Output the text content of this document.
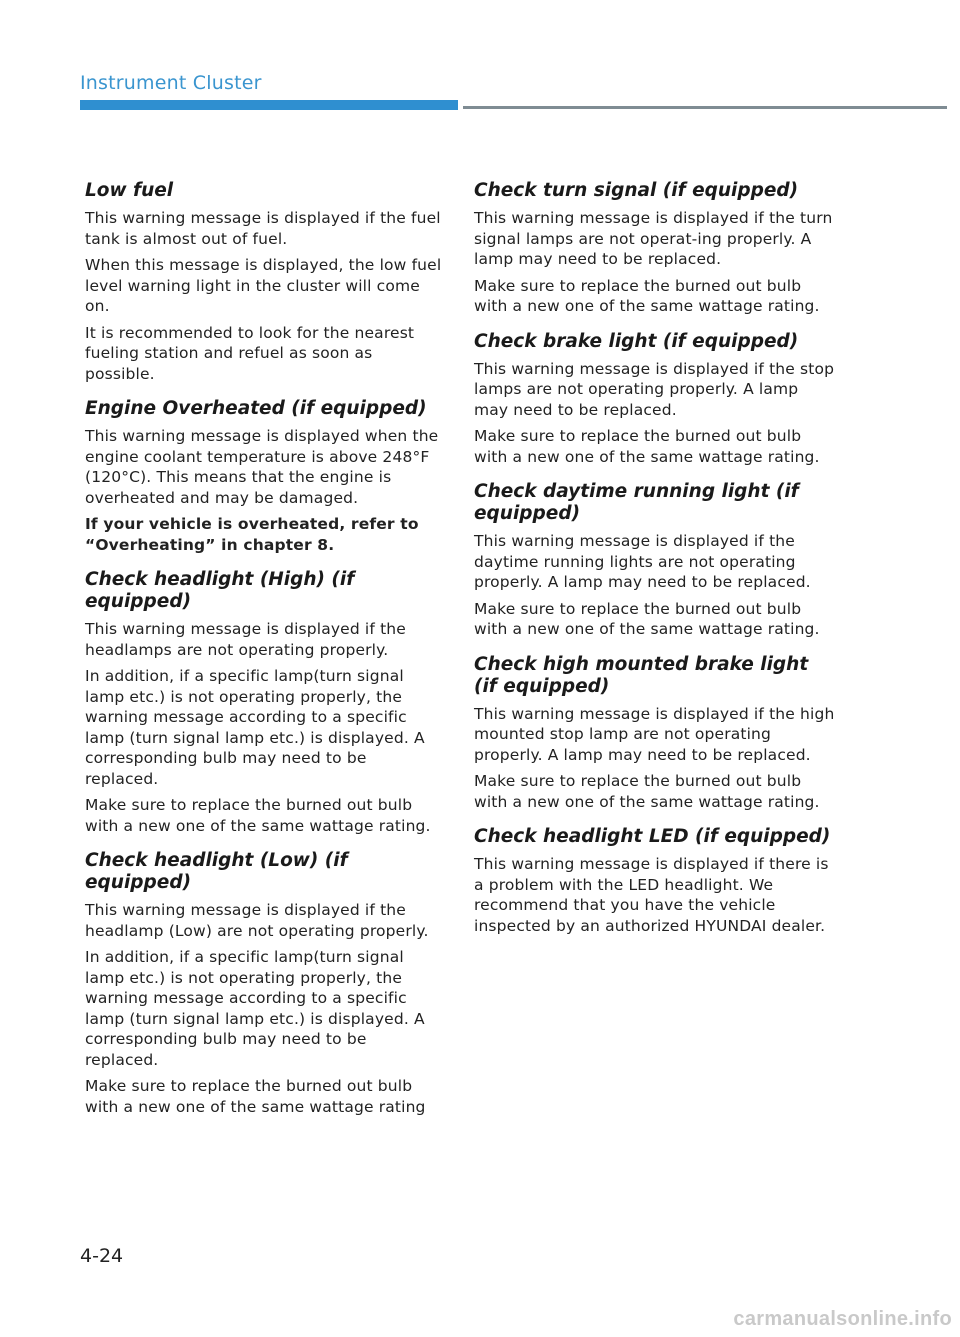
Instrument Cluster
Low fuel

This warning message is displayed if the fuel tank is almost out of fuel.

When this message is displayed, the low fuel level warning light in the cluster will come on.

It is recommended to look for the nearest fueling station and refuel as soon as possible.

Engine Overheated (if equipped)

This warning message is displayed when the engine coolant temperature is above 248°F (120°C). This means that the engine is overheated and may be damaged.

If your vehicle is overheated, refer to “Overheating” in chapter 8.

Check headlight (High) (if equipped)

This warning message is displayed if the headlamps are not operating properly.

In addition, if a specific lamp(turn signal lamp etc.) is not operating properly, the warning message according to a specific lamp (turn signal lamp etc.) is displayed. A corresponding bulb may need to be replaced.

Make sure to replace the burned out bulb with a new one of the same wattage rating.

Check headlight (Low) (if equipped)

This warning message is displayed if the headlamp (Low) are not operating properly.

In addition, if a specific lamp(turn signal lamp etc.) is not operating properly, the warning message according to a specific lamp (turn signal lamp etc.) is displayed. A corresponding bulb may need to be replaced.

Make sure to replace the burned out bulb with a new one of the same wattage rating

Check turn signal (if equipped)

This warning message is displayed if the turn signal lamps are not operat-ing properly. A lamp may need to be replaced.

Make sure to replace the burned out bulb with a new one of the same wattage rating.

Check brake light (if equipped)

This warning message is displayed if the stop lamps are not operating properly. A lamp may need to be replaced.

Make sure to replace the burned out bulb with a new one of the same wattage rating.

Check daytime running light (if equipped)

This warning message is displayed if the daytime running lights are not operating properly. A lamp may need to be replaced.

Make sure to replace the burned out bulb with a new one of the same wattage rating.

Check high mounted brake light (if equipped)

This warning message is displayed if the high mounted stop lamp are not operating properly. A lamp may need to be replaced.

Make sure to replace the burned out bulb with a new one of the same wattage rating.

Check headlight LED (if equipped)

This warning message is displayed if there is a problem with the LED headlight. We recommend that you have the vehicle inspected by an authorized HYUNDAI dealer.

4-24
carmanualsonline.info
